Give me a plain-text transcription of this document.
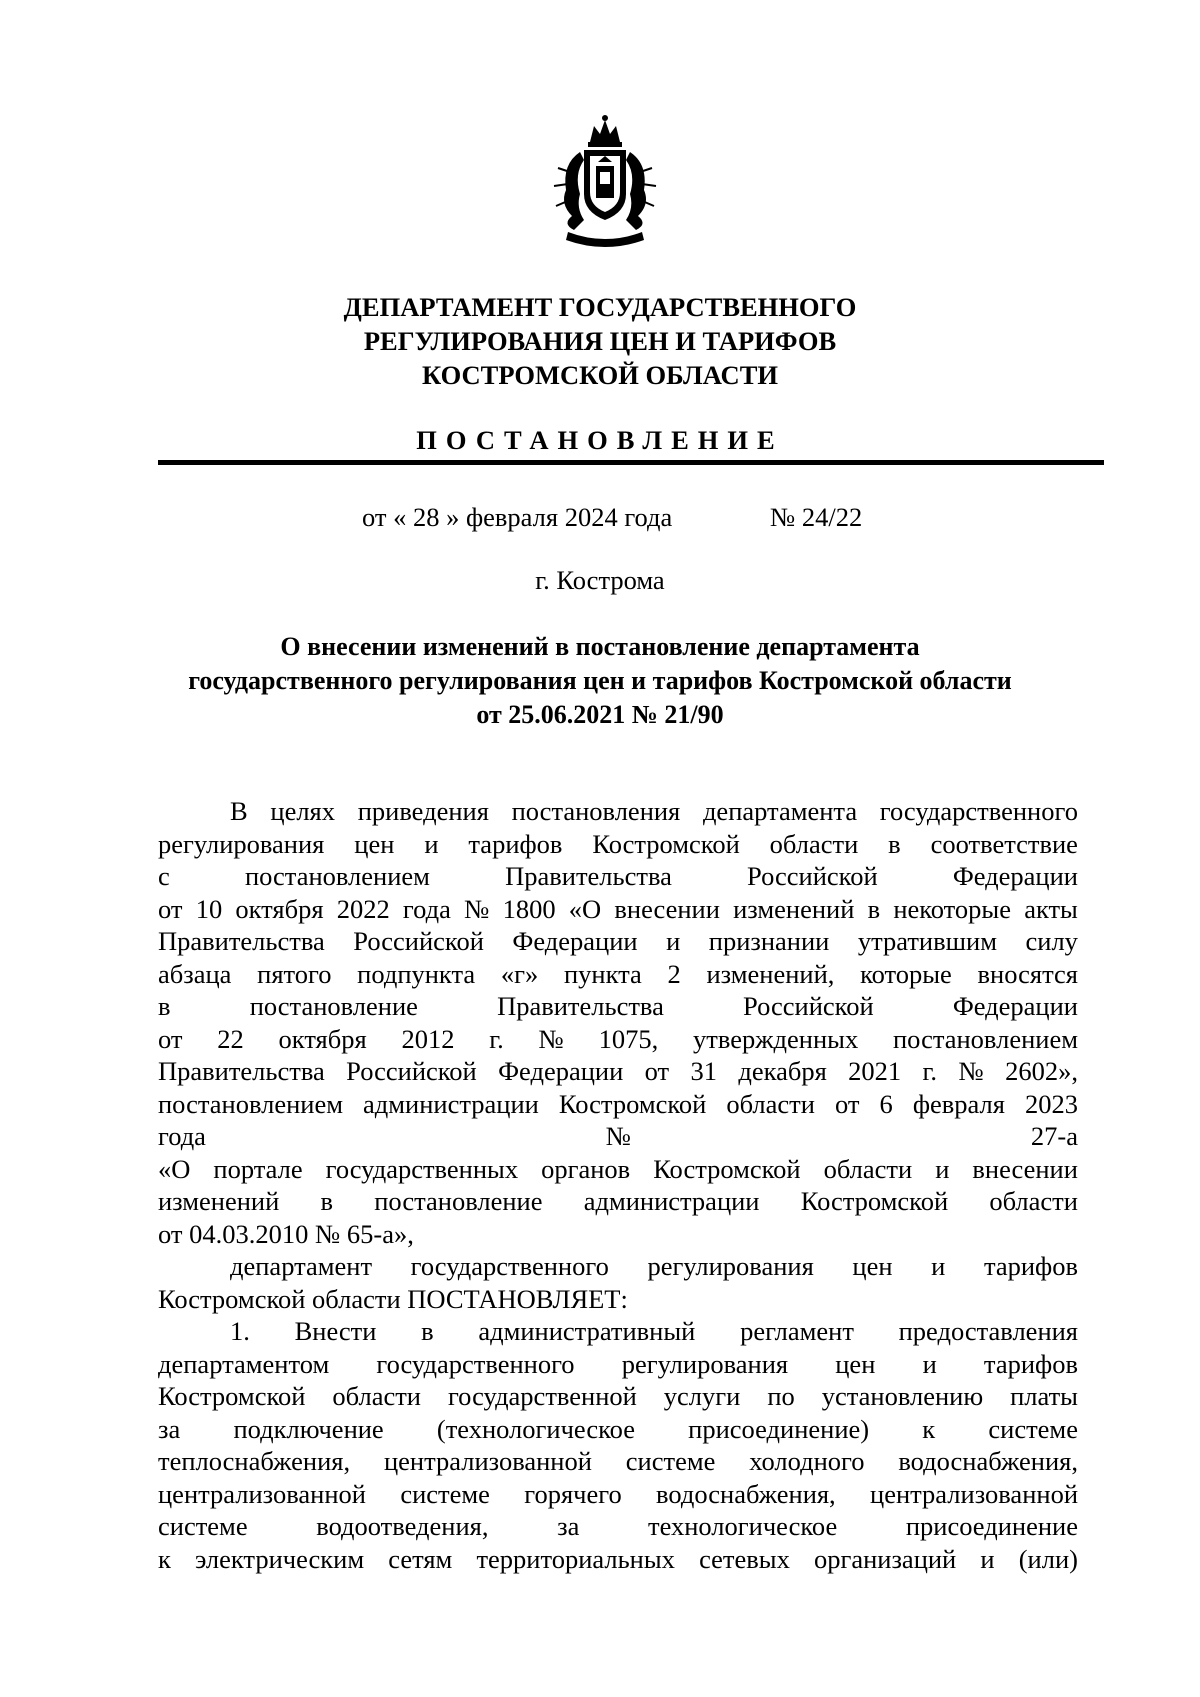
ДЕПАРТАМЕНТ ГОСУДАРСТВЕННОГО
РЕГУЛИРОВАНИЯ ЦЕН И ТАРИФОВ
КОСТРОМСКОЙ ОБЛАСТИ
ПОСТАНОВЛЕНИЕ
от « 28 » февраля 2024 года	№ 24/22
г. Кострома
О внесении изменений в постановление департамента
государственного регулирования цен и тарифов Костромской области
от 25.06.2021 № 21/90
В целях приведения постановления департамента государственного
регулирования цен и тарифов Костромской области в соответствие
с	постановлением	Правительства	Российской	Федерации
от 10 октября 2022 года № 1800 «О внесении изменений в некоторые акты
Правительства Российской Федерации и признании утратившим силу
абзаца пятого подпункта «г» пункта 2 изменений, которые вносятся
в	постановление	Правительства	Российской	Федерации
от 22 октября 2012 г. № 1075, утвержденных постановлением
Правительства Российской Федерации от 31 декабря 2021 г. № 2602»,
постановлением администрации Костромской области от 6 февраля 2023
года	№	27-а
«О портале государственных органов Костромской области и внесении
изменений в постановление администрации Костромской области
от 04.03.2010 № 65-а»,
департамент государственного регулирования цен и тарифов
Костромской области ПОСТАНОВЛЯЕТ:
1. Внести в административный регламент предоставления
департаментом государственного регулирования цен и тарифов
Костромской области государственной услуги по установлению платы
за подключение (технологическое присоединение) к системе
теплоснабжения, централизованной системе холодного водоснабжения,
централизованной системе горячего водоснабжения, централизованной
системе	водоотведения,	за	технологическое	присоединение
к электрическим сетям территориальных сетевых организаций и (или)
